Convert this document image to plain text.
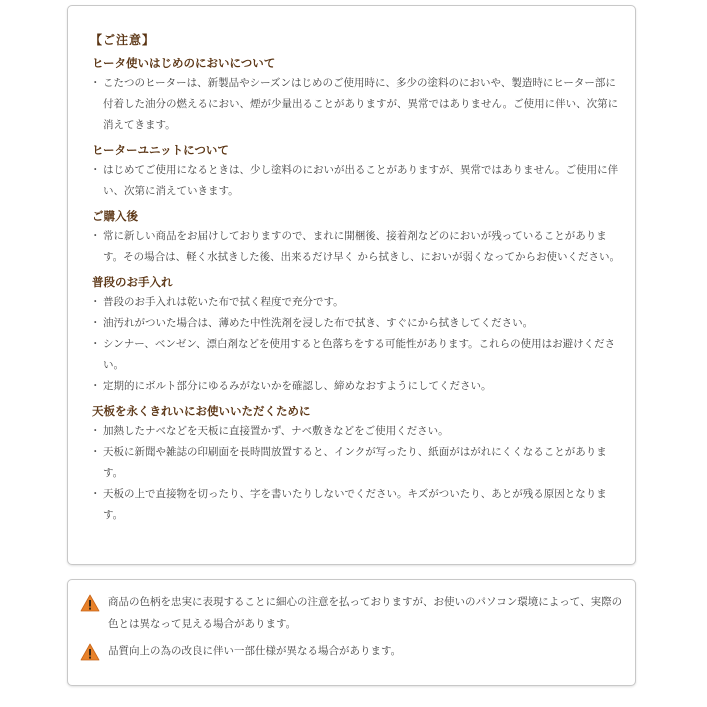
【ご注意】
ヒータ使いはじめのにおいについて
・ こたつのヒーターは、新製品やシーズンはじめのご使用時に、多少の塗料のにおいや、製造時にヒーター部に付着した油分の燃えるにおい、煙が少量出ることがありますが、異常ではありません。ご使用に伴い、次第に消えてきます。
ヒーターユニットについて
・ はじめてご使用になるときは、少し塗料のにおいが出ることがありますが、異常ではありません。ご使用に伴い、次第に消えていきます。
ご購入後
・ 常に新しい商品をお届けしておりますので、まれに開梱後、接着剤などのにおいが残っていることがあります。その場合は、軽く水拭きした後、出来るだけ早く から拭きし、においが弱くなってからお使いください。
普段のお手入れ
・ 普段のお手入れは乾いた布で拭く程度で充分です。
・ 油汚れがついた場合は、薄めた中性洗剤を浸した布で拭き、すぐにから拭きしてください。
・ シンナー、ベンゼン、漂白剤などを使用すると色落ちをする可能性があります。これらの使用はお避けください。
・ 定期的にボルト部分にゆるみがないかを確認し、締めなおすようにしてください。
天板を永くきれいにお使いいただくために
・ 加熱したナベなどを天板に直接置かず、ナベ敷きなどをご使用ください。
・ 天板に新聞や雑誌の印刷面を長時間放置すると、インクが写ったり、紙面がはがれにくくなることがあります。
・ 天板の上で直接物を切ったり、字を書いたりしないでください。キズがついたり、あとが残る原因となります。
商品の色柄を忠実に表現することに細心の注意を払っておりますが、お使いのパソコン環境によって、実際の色とは異なって見える場合があります。
品質向上の為の改良に伴い一部仕様が異なる場合があります。
